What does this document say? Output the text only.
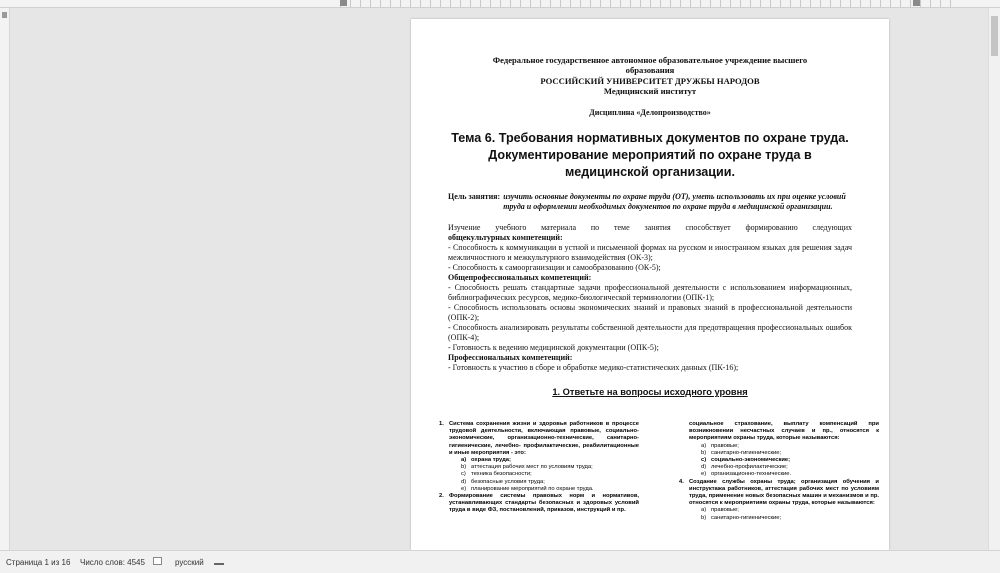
Федеральное государственное автономное образовательное учреждение высшего
образования
РОССИЙСКИЙ УНИВЕРСИТЕТ ДРУЖБЫ НАРОДОВ
Медицинский институт
Дисциплина «Делопроизводство»
Тема 6. Требования нормативных документов по охране труда. Документирование мероприятий по охране труда в медицинской организации.
Цель занятия: изучить основные документы по охране труда (ОТ), уметь использовать их при оценке условий труда и оформлении необходимых документов по охране труда в медицинской организации.
Изучение учебного материала по теме занятия способствует формированию следующих
общекультурных компетенций:
- Способность к коммуникации в устной и письменной формах на русском и иностранном языках для решения задач межличностного и межкультурного взаимодействия (ОК-3);
- Способность к самоорганизации и самообразованию (ОК-5);
Общепрофессиональных компетенций:
- Способность решать стандартные задачи профессиональной деятельности с использованием информационных, библиографических ресурсов, медико-биологической терминологии (ОПК-1);
- Способность использовать основы экономических знаний и правовых знаний в профессиональной деятельности (ОПК-2);
- Способность анализировать результаты собственной деятельности для предотвращения профессиональных ошибок (ОПК-4);
- Готовность к ведению медицинской документации (ОПК-5);
Профессиональных компетенций:
- Готовность к участию в сборе и обработке медико-статистических данных (ПК-16);
1. Ответьте на вопросы исходного уровня
1. Система сохранения жизни и здоровья работников в процессе трудовой деятельности, включающая правовые, социально- экономические, организационно-технические, санитарно-гигиенические, лечебно- профилактические, реабилитационные и иные мероприятия - это:
a) охрана труда;
b) аттестация рабочих мест по условиям труда;
c) техника безопасности;
d) безопасные условия труда;
e) планирование мероприятий по охране труда.
2. Формирование системы правовых норм и нормативов, устанавливающих стандарты безопасных и здоровых условий труда в виде ФЗ, постановлений, приказов, инструкций и пр.
социальное страхование, выплату компенсаций при возникновении несчастных случаев и пр., относятся к мероприятиям охраны труда, которые называются:
a) правовые;
b) санитарно-гигиенические;
c) социально-экономические;
d) лечебно-профилактические;
e) организационно-технические.
4. Создание службы охраны труда; организация обучения и инструктажа работников, аттестация рабочих мест по условиям труда, применение новых безопасных машин и механизмов и пр. относятся к мероприятиям охраны труда, которые называются:
a) правовые;
b) санитарно-гигиенические;
Страница 1 из 16 Число слов: 4545	русский
